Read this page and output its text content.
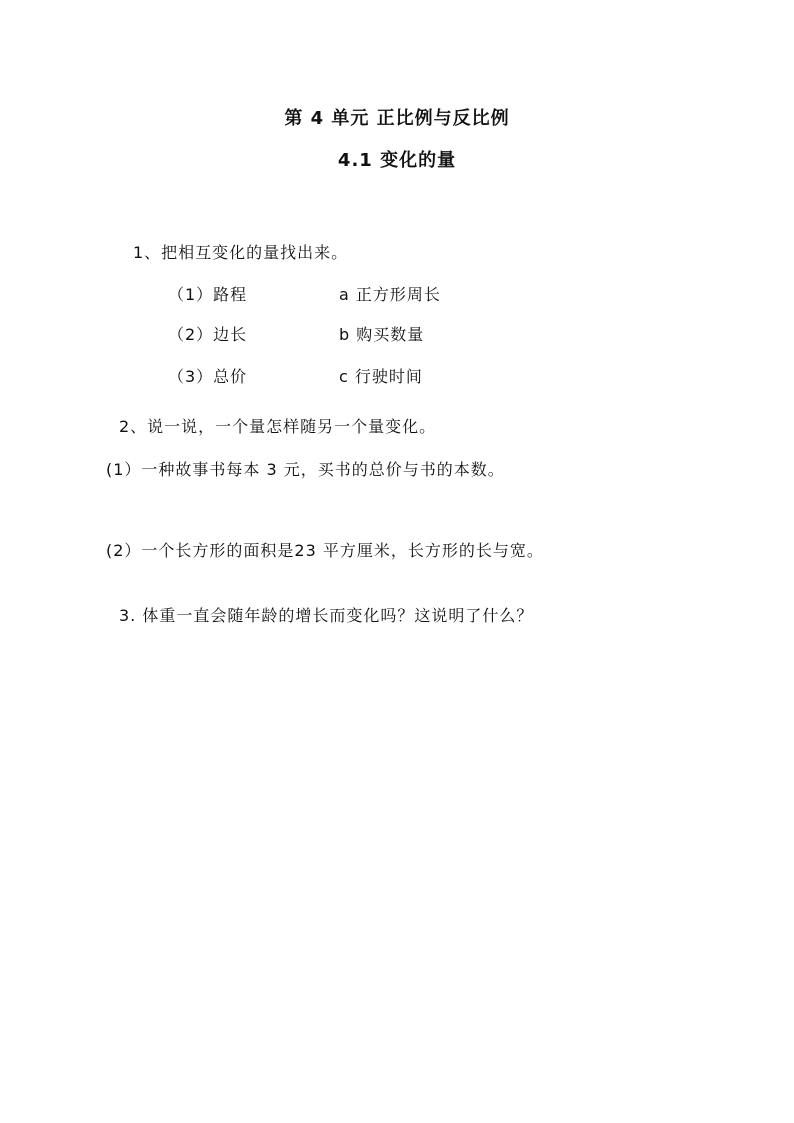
第 4 单元 正比例与反比例
4.1 变化的量
1、把相互变化的量找出来。
（1）路程	a 正方形周长
（2）边长	b 购买数量
（3）总价	c 行驶时间
2、说一说，一个量怎样随另一个量变化。
(1）一种故事书每本 3 元，买书的总价与书的本数。
(2）一个长方形的面积是23 平方厘米，长方形的长与宽。
3. 体重一直会随年龄的增长而变化吗？这说明了什么？
